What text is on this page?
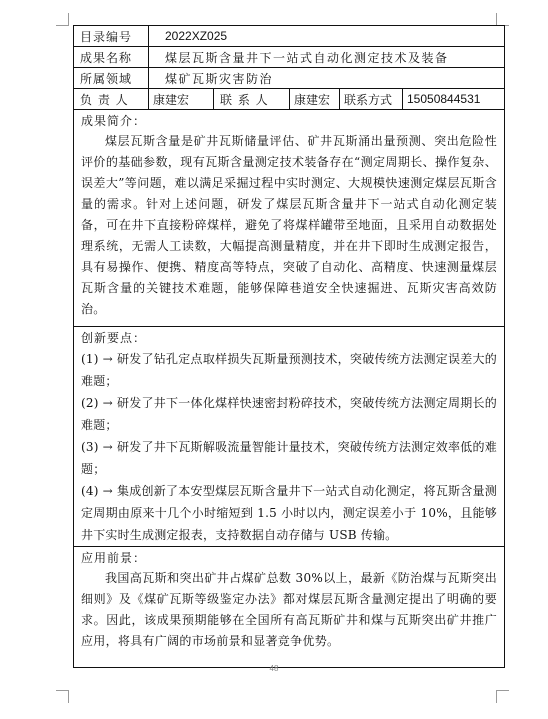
目录编号	2022XZ025
成果名称	煤层瓦斯含量井下一站式自动化测定技术及装备
所属领域	煤矿瓦斯灾害防治
负 责 人	康建宏	联 系 人	康建宏	联系方式	15050844531
成果简介：

煤层瓦斯含量是矿井瓦斯储量评估、矿井瓦斯涌出量预测、突出危险性评价的基础参数，现有瓦斯含量测定技术装备存在“测定周期长、操作复杂、误差大”等问题，难以满足采掘过程中实时测定、大规模快速测定煤层瓦斯含量的需求。针对上述问题，研发了煤层瓦斯含量井下一站式自动化测定装备，可在井下直接粉碎煤样，避免了将煤样罐带至地面，且采用自动数据处理系统，无需人工读数，大幅提高测量精度，并在井下即时生成测定报告，具有易操作、便携、精度高等特点，突破了自动化、高精度、快速测量煤层瓦斯含量的关键技术难题，能够保障巷道安全快速掘进、瓦斯灾害高效防治。

创新要点：

(1) → 研发了钻孔定点取样损失瓦斯量预测技术，突破传统方法测定误差大的难题；

(2) → 研发了井下一体化煤样快速密封粉碎技术，突破传统方法测定周期长的难题；

(3) → 研发了井下瓦斯解吸流量智能计量技术，突破传统方法测定效率低的难题；

(4) → 集成创新了本安型煤层瓦斯含量井下一站式自动化测定，将瓦斯含量测定周期由原来十几个小时缩短到 1.5 小时以内，测定误差小于 10%，且能够井下实时生成测定报表，支持数据自动存储与 USB 传输。

应用前景：

我国高瓦斯和突出矿井占煤矿总数 30%以上，最新《防治煤与瓦斯突出细则》及《煤矿瓦斯等级鉴定办法》都对煤层瓦斯含量测定提出了明确的要求。因此，该成果预期能够在全国所有高瓦斯矿井和煤与瓦斯突出矿井推广应用，将具有广阔的市场前景和显著竞争优势。

48
